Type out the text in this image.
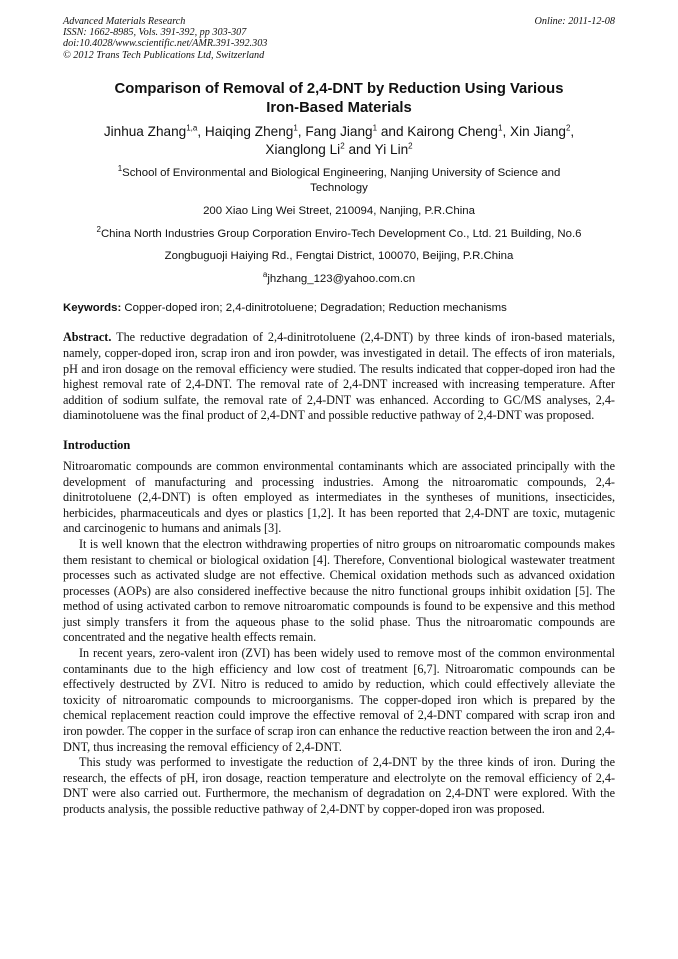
Advanced Materials Research	Online: 2011-12-08
ISSN: 1662-8985, Vols. 391-392, pp 303-307
doi:10.4028/www.scientific.net/AMR.391-392.303
© 2012 Trans Tech Publications Ltd, Switzerland
Comparison of Removal of 2,4-DNT by Reduction Using Various
Iron-Based Materials
Jinhua Zhang$^{1,a}$, Haiqing Zheng$^1$, Fang Jiang$^1$ and Kairong Cheng$^1$, Xin Jiang$^2$,
Xianglong Li$^2$ and Yi Lin$^2$
$^1$School of Environmental and Biological Engineering, Nanjing University of Science and
Technology
200 Xiao Ling Wei Street, 210094, Nanjing, P.R.China
$^2$China North Industries Group Corporation Enviro-Tech Development Co., Ltd. 21 Building, No.6
Zongbuguoji Haiying Rd., Fengtai District, 100070, Beijing, P.R.China
$^a$jhzhang_123@yahoo.com.cn
Keywords: Copper-doped iron; 2,4-dinitrotoluene; Degradation; Reduction mechanisms
Abstract. The reductive degradation of 2,4-dinitrotoluene (2,4-DNT) by three kinds of iron-based materials, namely, copper-doped iron, scrap iron and iron powder, was investigated in detail. The effects of iron materials, pH and iron dosage on the removal efficiency were studied. The results indicated that copper-doped iron had the highest removal rate of 2,4-DNT. The removal rate of 2,4-DNT increased with increasing temperature. After addition of sodium sulfate, the removal rate of 2,4-DNT was enhanced. According to GC/MS analyses, 2,4-diaminotoluene was the final product of 2,4-DNT and possible reductive pathway of 2,4-DNT was proposed.
Introduction

Nitroaromatic compounds are common environmental contaminants which are associated principally with the development of manufacturing and processing industries. Among the nitroaromatic compounds, 2,4-dinitrotoluene (2,4-DNT) is often employed as intermediates in the syntheses of munitions, insecticides, herbicides, pharmaceuticals and dyes or plastics [1,2]. It has been reported that 2,4-DNT are toxic, mutagenic and carcinogenic to humans and animals [3].

It is well known that the electron withdrawing properties of nitro groups on nitroaromatic compounds makes them resistant to chemical or biological oxidation [4]. Therefore, Conventional biological wastewater treatment processes such as activated sludge are not effective. Chemical oxidation methods such as advanced oxidation processes (AOPs) are also considered ineffective because the nitro functional groups inhibit oxidation [5]. The method of using activated carbon to remove nitroaromatic compounds is found to be expensive and this method just simply transfers it from the aqueous phase to the solid phase. Thus the nitroaromatic compounds are concentrated and the negative health effects remain.

In recent years, zero-valent iron (ZVI) has been widely used to remove most of the common environmental contaminants due to the high efficiency and low cost of treatment [6,7]. Nitroaromatic compounds can be effectively destructed by ZVI. Nitro is reduced to amido by reduction, which could effectively alleviate the toxicity of nitroaromatic compounds to microorganisms. The copper-doped iron which is prepared by the chemical replacement reaction could improve the effective removal of 2,4-DNT compared with scrap iron and iron powder. The copper in the surface of scrap iron can enhance the reductive reaction between the iron and 2,4-DNT, thus increasing the removal efficiency of 2,4-DNT.

This study was performed to investigate the reduction of 2,4-DNT by the three kinds of iron. During the research, the effects of pH, iron dosage, reaction temperature and electrolyte on the removal efficiency of 2,4-DNT were also carried out. Furthermore, the mechanism of degradation on 2,4-DNT were explored. With the products analysis, the possible reductive pathway of 2,4-DNT by copper-doped iron was proposed.
